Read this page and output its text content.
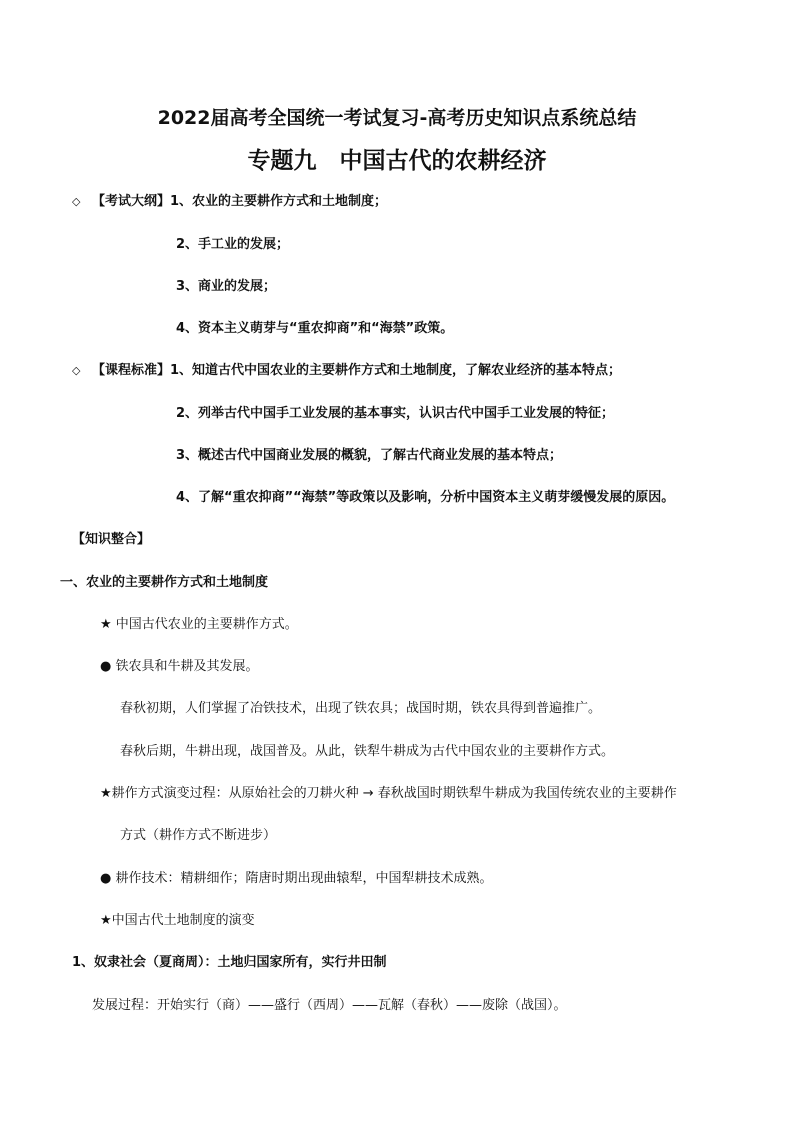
2022届高考全国统一考试复习-高考历史知识点系统总结
专题九　中国古代的农耕经济
◇ 【考试大纲】1、农业的主要耕作方式和土地制度；
2、手工业的发展；
3、商业的发展；
4、资本主义萌芽与“重农抑商”和“海禁”政策。
◇ 【课程标准】1、知道古代中国农业的主要耕作方式和土地制度，了解农业经济的基本特点；
2、列举古代中国手工业发展的基本事实，认识古代中国手工业发展的特征；
3、概述古代中国商业发展的概貌，了解古代商业发展的基本特点；
4、了解“重农抑商”“海禁”等政策以及影响，分析中国资本主义萌芽缓慢发展的原因。
【知识整合】
一、农业的主要耕作方式和土地制度
★ 中国古代农业的主要耕作方式。
● 铁农具和牛耕及其发展。
春秋初期，人们掌握了冶铁技术，出现了铁农具；战国时期，铁农具得到普遍推广。
春秋后期，牛耕出现，战国普及。从此，铁犁牛耕成为古代中国农业的主要耕作方式。
★耕作方式演变过程：从原始社会的刀耕火种 → 春秋战国时期铁犁牛耕成为我国传统农业的主要耕作
方式（耕作方式不断进步）
● 耕作技术：精耕细作；隋唐时期出现曲辕犁，中国犁耕技术成熟。
★中国古代土地制度的演变
1、奴隶社会（夏商周）：土地归国家所有，实行井田制
发展过程：开始实行（商）——盛行（西周）——瓦解（春秋）——废除（战国）。
